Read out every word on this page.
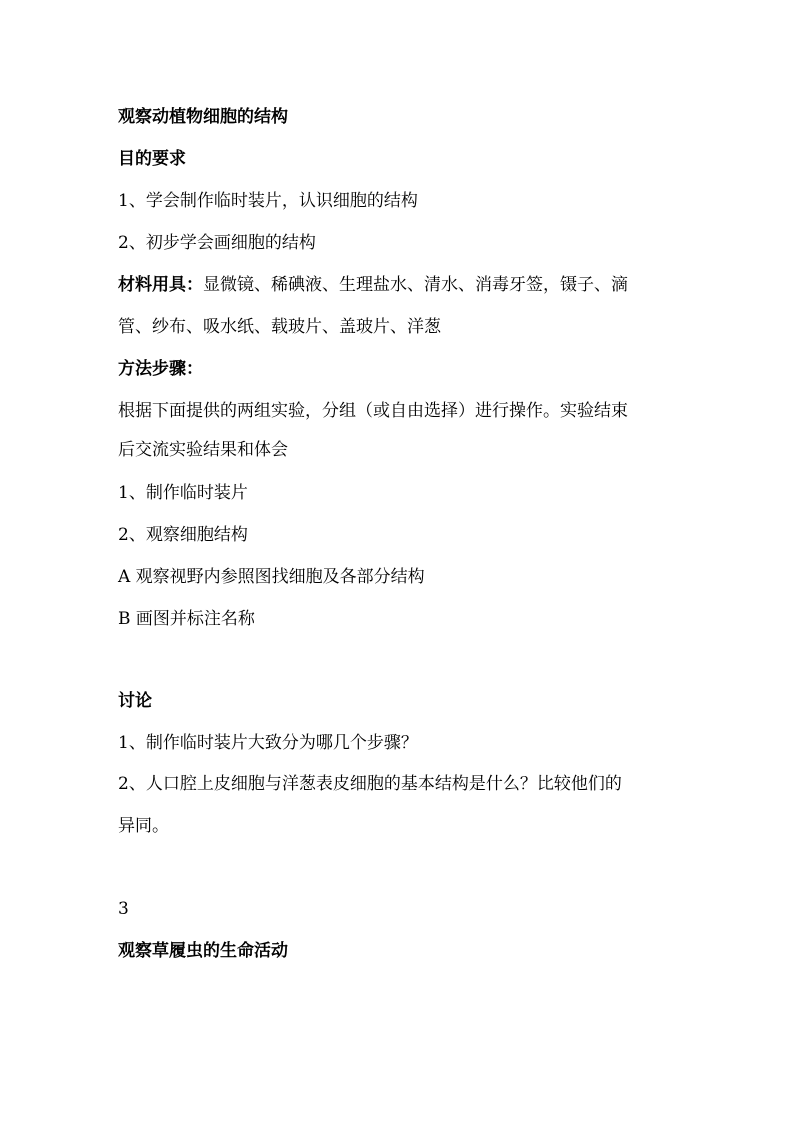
观察动植物细胞的结构
目的要求
1、学会制作临时装片，认识细胞的结构
2、初步学会画细胞的结构
材料用具：显微镜、稀碘液、生理盐水、清水、消毒牙签，镊子、滴
管、纱布、吸水纸、载玻片、盖玻片、洋葱
方法步骤：
根据下面提供的两组实验，分组（或自由选择）进行操作。实验结束
后交流实验结果和体会
1、制作临时装片
2、观察细胞结构
A 观察视野内参照图找细胞及各部分结构
B 画图并标注名称
讨论
1、制作临时装片大致分为哪几个步骤？
2、人口腔上皮细胞与洋葱表皮细胞的基本结构是什么？比较他们的
异同。
3
观察草履虫的生命活动
